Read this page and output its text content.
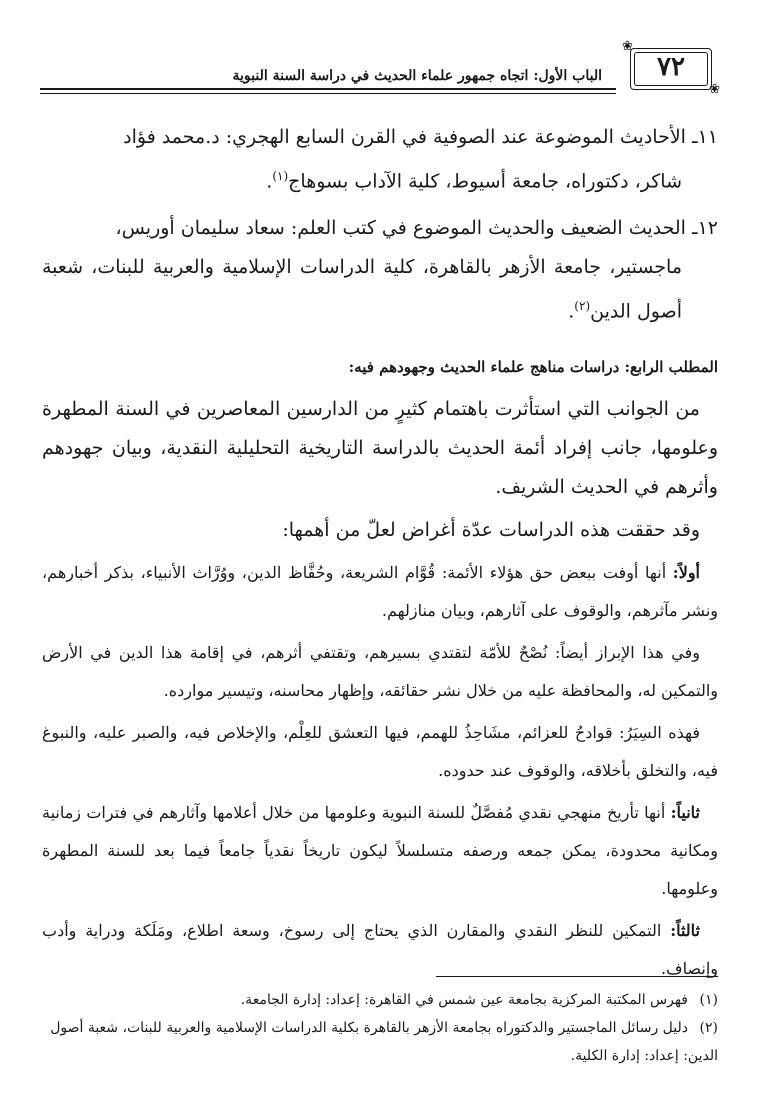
الباب الأول: اتجاه جمهور علماء الحديث في دراسة السنة النبوية	٧٢
❀
❀
١١ـ الأحاديث الموضوعة عند الصوفية في القرن السابع الهجري: د.محمد فؤاد
شاكر، دكتوراه، جامعة أسيوط، كلية الآداب بسوهاج$^{(١)}$.
١٢ـ الحديث الضعيف والحديث الموضوع في كتب العلم: سعاد سليمان أوريس،
ماجستير، جامعة الأزهر بالقاهرة، كلية الدراسات الإسلامية والعربية للبنات، شعبة أصول الدين$^{(٢)}$.
المطلب الرابع: دراسات مناهج علماء الحديث وجهودهم فيه:

من الجوانب التي استأثرت باهتمام كثيرٍ من الدارسين المعاصرين في السنة المطهرة وعلومها، جانب إفراد أئمة الحديث بالدراسة التاريخية التحليلية النقدية، وبيان جهودهم وأثرهم في الحديث الشريف.

وقد حققت هذه الدراسات عدّة أغراض لعلّ من أهمها:

أولاً: أنها أوفت ببعض حق هؤلاء الأئمة: قُوَّام الشريعة، وحُفَّاظ الدين، ووُرَّاث الأنبياء، بذكر أخبارهم، ونشر مآثرهم، والوقوف على آثارهم، وبيان منازلهم.

وفي هذا الإبراز أيضاً: نُصْحٌ للأمّة لتقتدي بسيرهم، وتقتفي أثرهم، في إقامة هذا الدين في الأرض والتمكين له، والمحافظة عليه من خلال نشر حقائقه، وإظهار محاسنه، وتيسير موارده.

فهذه السِيَرُ: قوادحُ للعزائم، مشَاحِذُ للهمم، فيها التعشق للعِلْم، والإخلاص فيه، والصبر عليه، والنبوغ فيه، والتخلق بأخلاقه، والوقوف عند حدوده.

ثانياً: أنها تأريخ منهجي نقدي مُفصَّلٌ للسنة النبوية وعلومها من خلال أعلامها وآثارهم في فترات زمانية ومكانية محدودة، يمكن جمعه ورصفه متسلسلاً ليكون تاريخاً نقدياً جامعاً فيما بعد للسنة المطهرة وعلومها.

ثالثاً: التمكين للنظر النقدي والمقارن الذي يحتاج إلى رسوخ، وسعة اطلاع، ومَلَكة ودراية وأدب وإنصاف.

(١)فهرس المكتبة المركزية بجامعة عين شمس في القاهرة: إعداد: إدارة الجامعة.
(٢)دليل رسائل الماجستير والدكتوراه بجامعة الأزهر بالقاهرة بكلية الدراسات الإسلامية والعربية للبنات، شعبة أصول الدين: إعداد: إدارة الكلية.
